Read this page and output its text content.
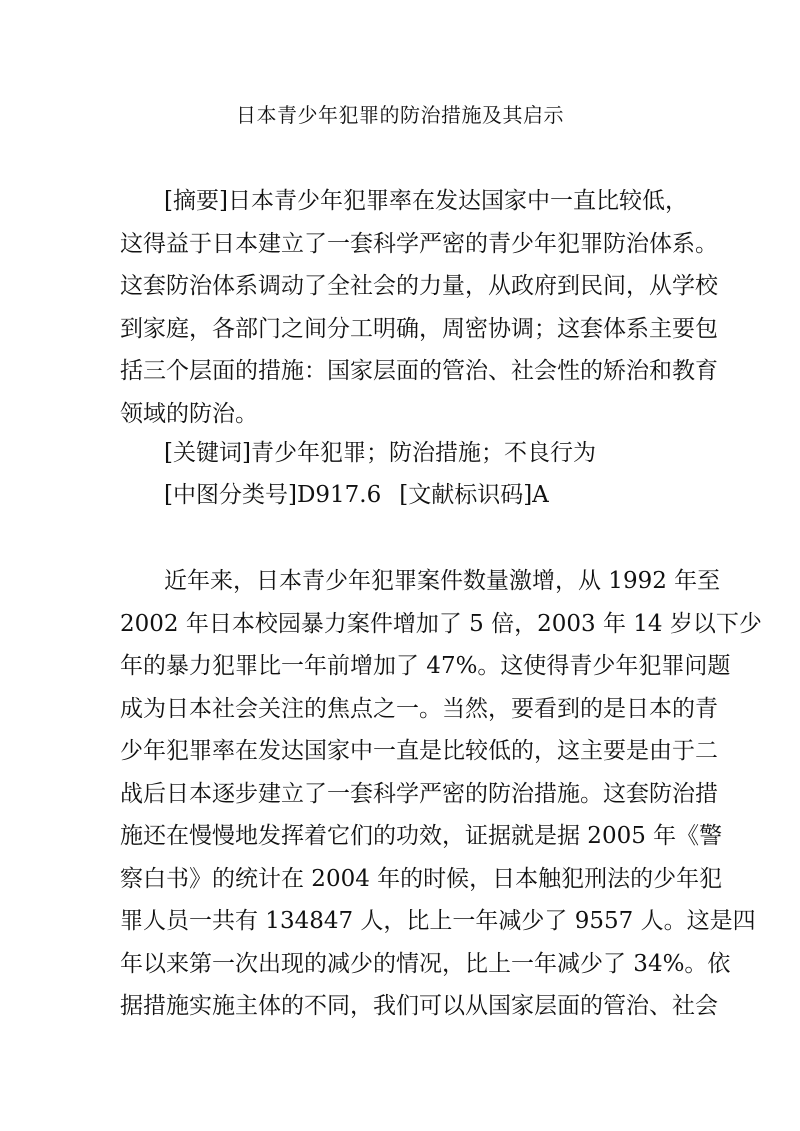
日本青少年犯罪的防治措施及其启示
[摘要]日本青少年犯罪率在发达国家中一直比较低，
这得益于日本建立了一套科学严密的青少年犯罪防治体系。
这套防治体系调动了全社会的力量，从政府到民间，从学校
到家庭，各部门之间分工明确，周密协调；这套体系主要包
括三个层面的措施：国家层面的管治、社会性的矫治和教育
领域的防治。
[关键词]青少年犯罪；防治措施；不良行为
[中图分类号]D917.6 [文献标识码]A
近年来，日本青少年犯罪案件数量激增，从 1992 年至
2002 年日本校园暴力案件增加了 5 倍，2003 年 14 岁以下少
年的暴力犯罪比一年前增加了 47%。这使得青少年犯罪问题
成为日本社会关注的焦点之一。当然，要看到的是日本的青
少年犯罪率在发达国家中一直是比较低的，这主要是由于二
战后日本逐步建立了一套科学严密的防治措施。这套防治措
施还在慢慢地发挥着它们的功效，证据就是据 2005 年《警
察白书》的统计在 2004 年的时候，日本触犯刑法的少年犯
罪人员一共有 134847 人，比上一年减少了 9557 人。这是四
年以来第一次出现的减少的情况，比上一年减少了 34%。依
据措施实施主体的不同，我们可以从国家层面的管治、社会
